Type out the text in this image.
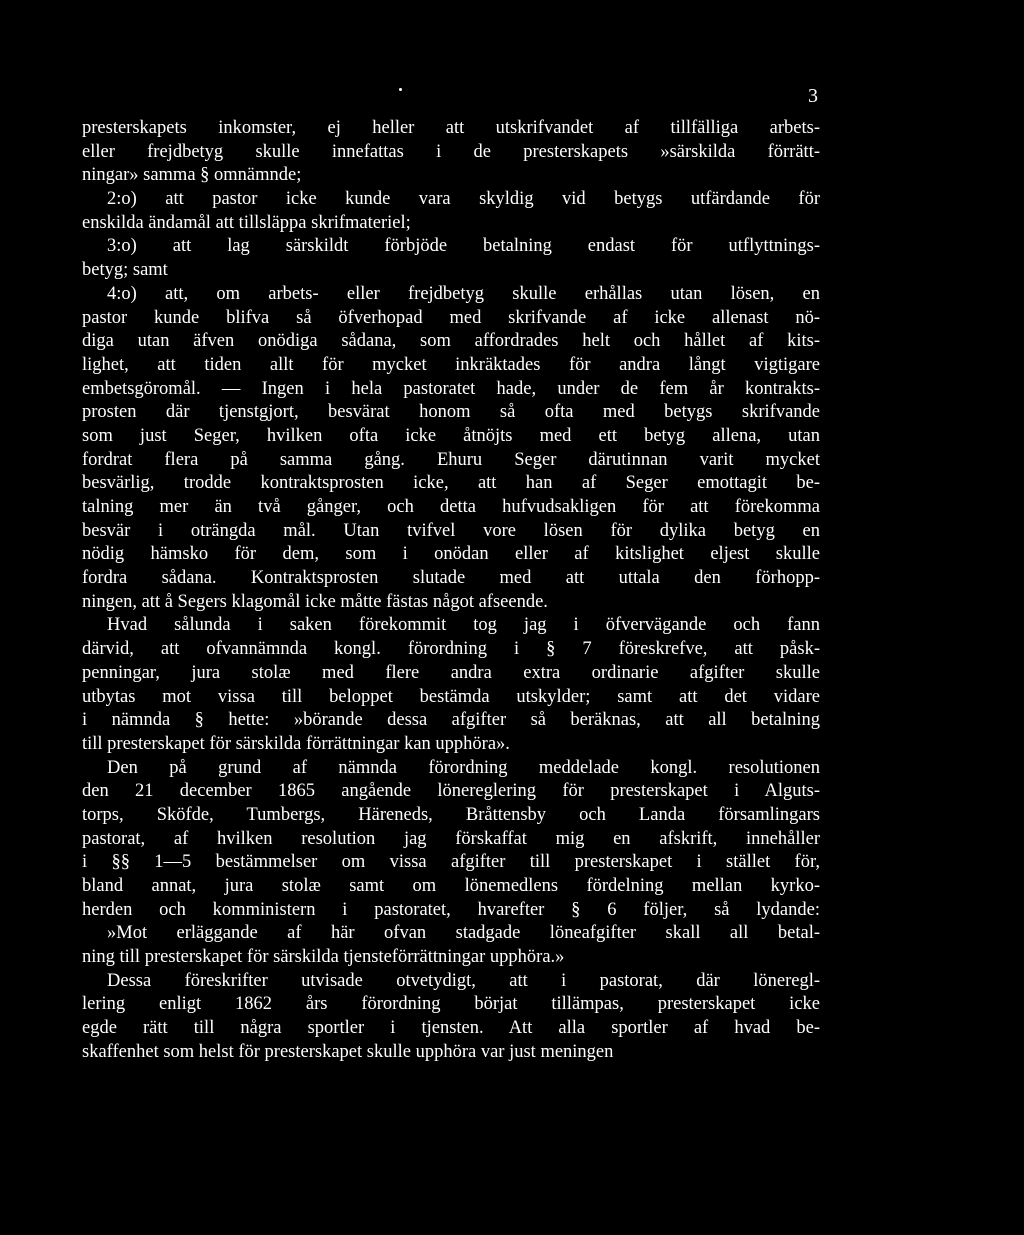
3
presterskapets inkomster, ej heller att utskrifvandet af tillfälliga arbets-
eller frejdbetyg skulle innefattas i de presterskapets »särskilda förrätt-
ningar» samma § omnämnde;
2:o) att pastor icke kunde vara skyldig vid betygs utfärdande för
enskilda ändamål att tillsläppa skrifmateriel;
3:o) att lag särskildt förbjöde betalning endast för utflyttnings-
betyg; samt
4:o) att, om arbets- eller frejdbetyg skulle erhållas utan lösen, en
pastor kunde blifva så öfverhopad med skrifvande af icke allenast nö-
diga utan äfven onödiga sådana, som affordrades helt och hållet af kits-
lighet, att tiden allt för mycket inkräktades för andra långt vigtigare
embetsgöromål. — Ingen i hela pastoratet hade, under de fem år kontrakts-
prosten där tjenstgjort, besvärat honom så ofta med betygs skrifvande
som just Seger, hvilken ofta icke åtnöjts med ett betyg allena, utan
fordrat flera på samma gång. Ehuru Seger därutinnan varit mycket
besvärlig, trodde kontraktsprosten icke, att han af Seger emottagit be-
talning mer än två gånger, och detta hufvudsakligen för att förekomma
besvär i oträngda mål. Utan tvifvel vore lösen för dylika betyg en
nödig hämsko för dem, som i onödan eller af kitslighet eljest skulle
fordra sådana. Kontraktsprosten slutade med att uttala den förhopp-
ningen, att å Segers klagomål icke måtte fästas något afseende.
Hvad sålunda i saken förekommit tog jag i öfvervägande och fann
därvid, att ofvannämnda kongl. förordning i § 7 föreskrefve, att påsk-
penningar, jura stolæ med flere andra extra ordinarie afgifter skulle
utbytas mot vissa till beloppet bestämda utskylder; samt att det vidare
i nämnda § hette: »börande dessa afgifter så beräknas, att all betalning
till presterskapet för särskilda förrättningar kan upphöra».
Den på grund af nämnda förordning meddelade kongl. resolutionen
den 21 december 1865 angående lönereglering för presterskapet i Alguts-
torps, Sköfde, Tumbergs, Häreneds, Bråttensby och Landa församlingars
pastorat, af hvilken resolution jag förskaffat mig en afskrift, innehåller
i §§ 1—5 bestämmelser om vissa afgifter till presterskapet i stället för,
bland annat, jura stolæ samt om lönemedlens fördelning mellan kyrko-
herden och komministern i pastoratet, hvarefter § 6 följer, så lydande:
»Mot erläggande af här ofvan stadgade löneafgifter skall all betal-
ning till presterskapet för särskilda tjensteförrättningar upphöra.»
Dessa föreskrifter utvisade otvetydigt, att i pastorat, där löneregl-
lering enligt 1862 års förordning börjat tillämpas, presterskapet icke
egde rätt till några sportler i tjensten. Att alla sportler af hvad be-
skaffenhet som helst för presterskapet skulle upphöra var just meningen
